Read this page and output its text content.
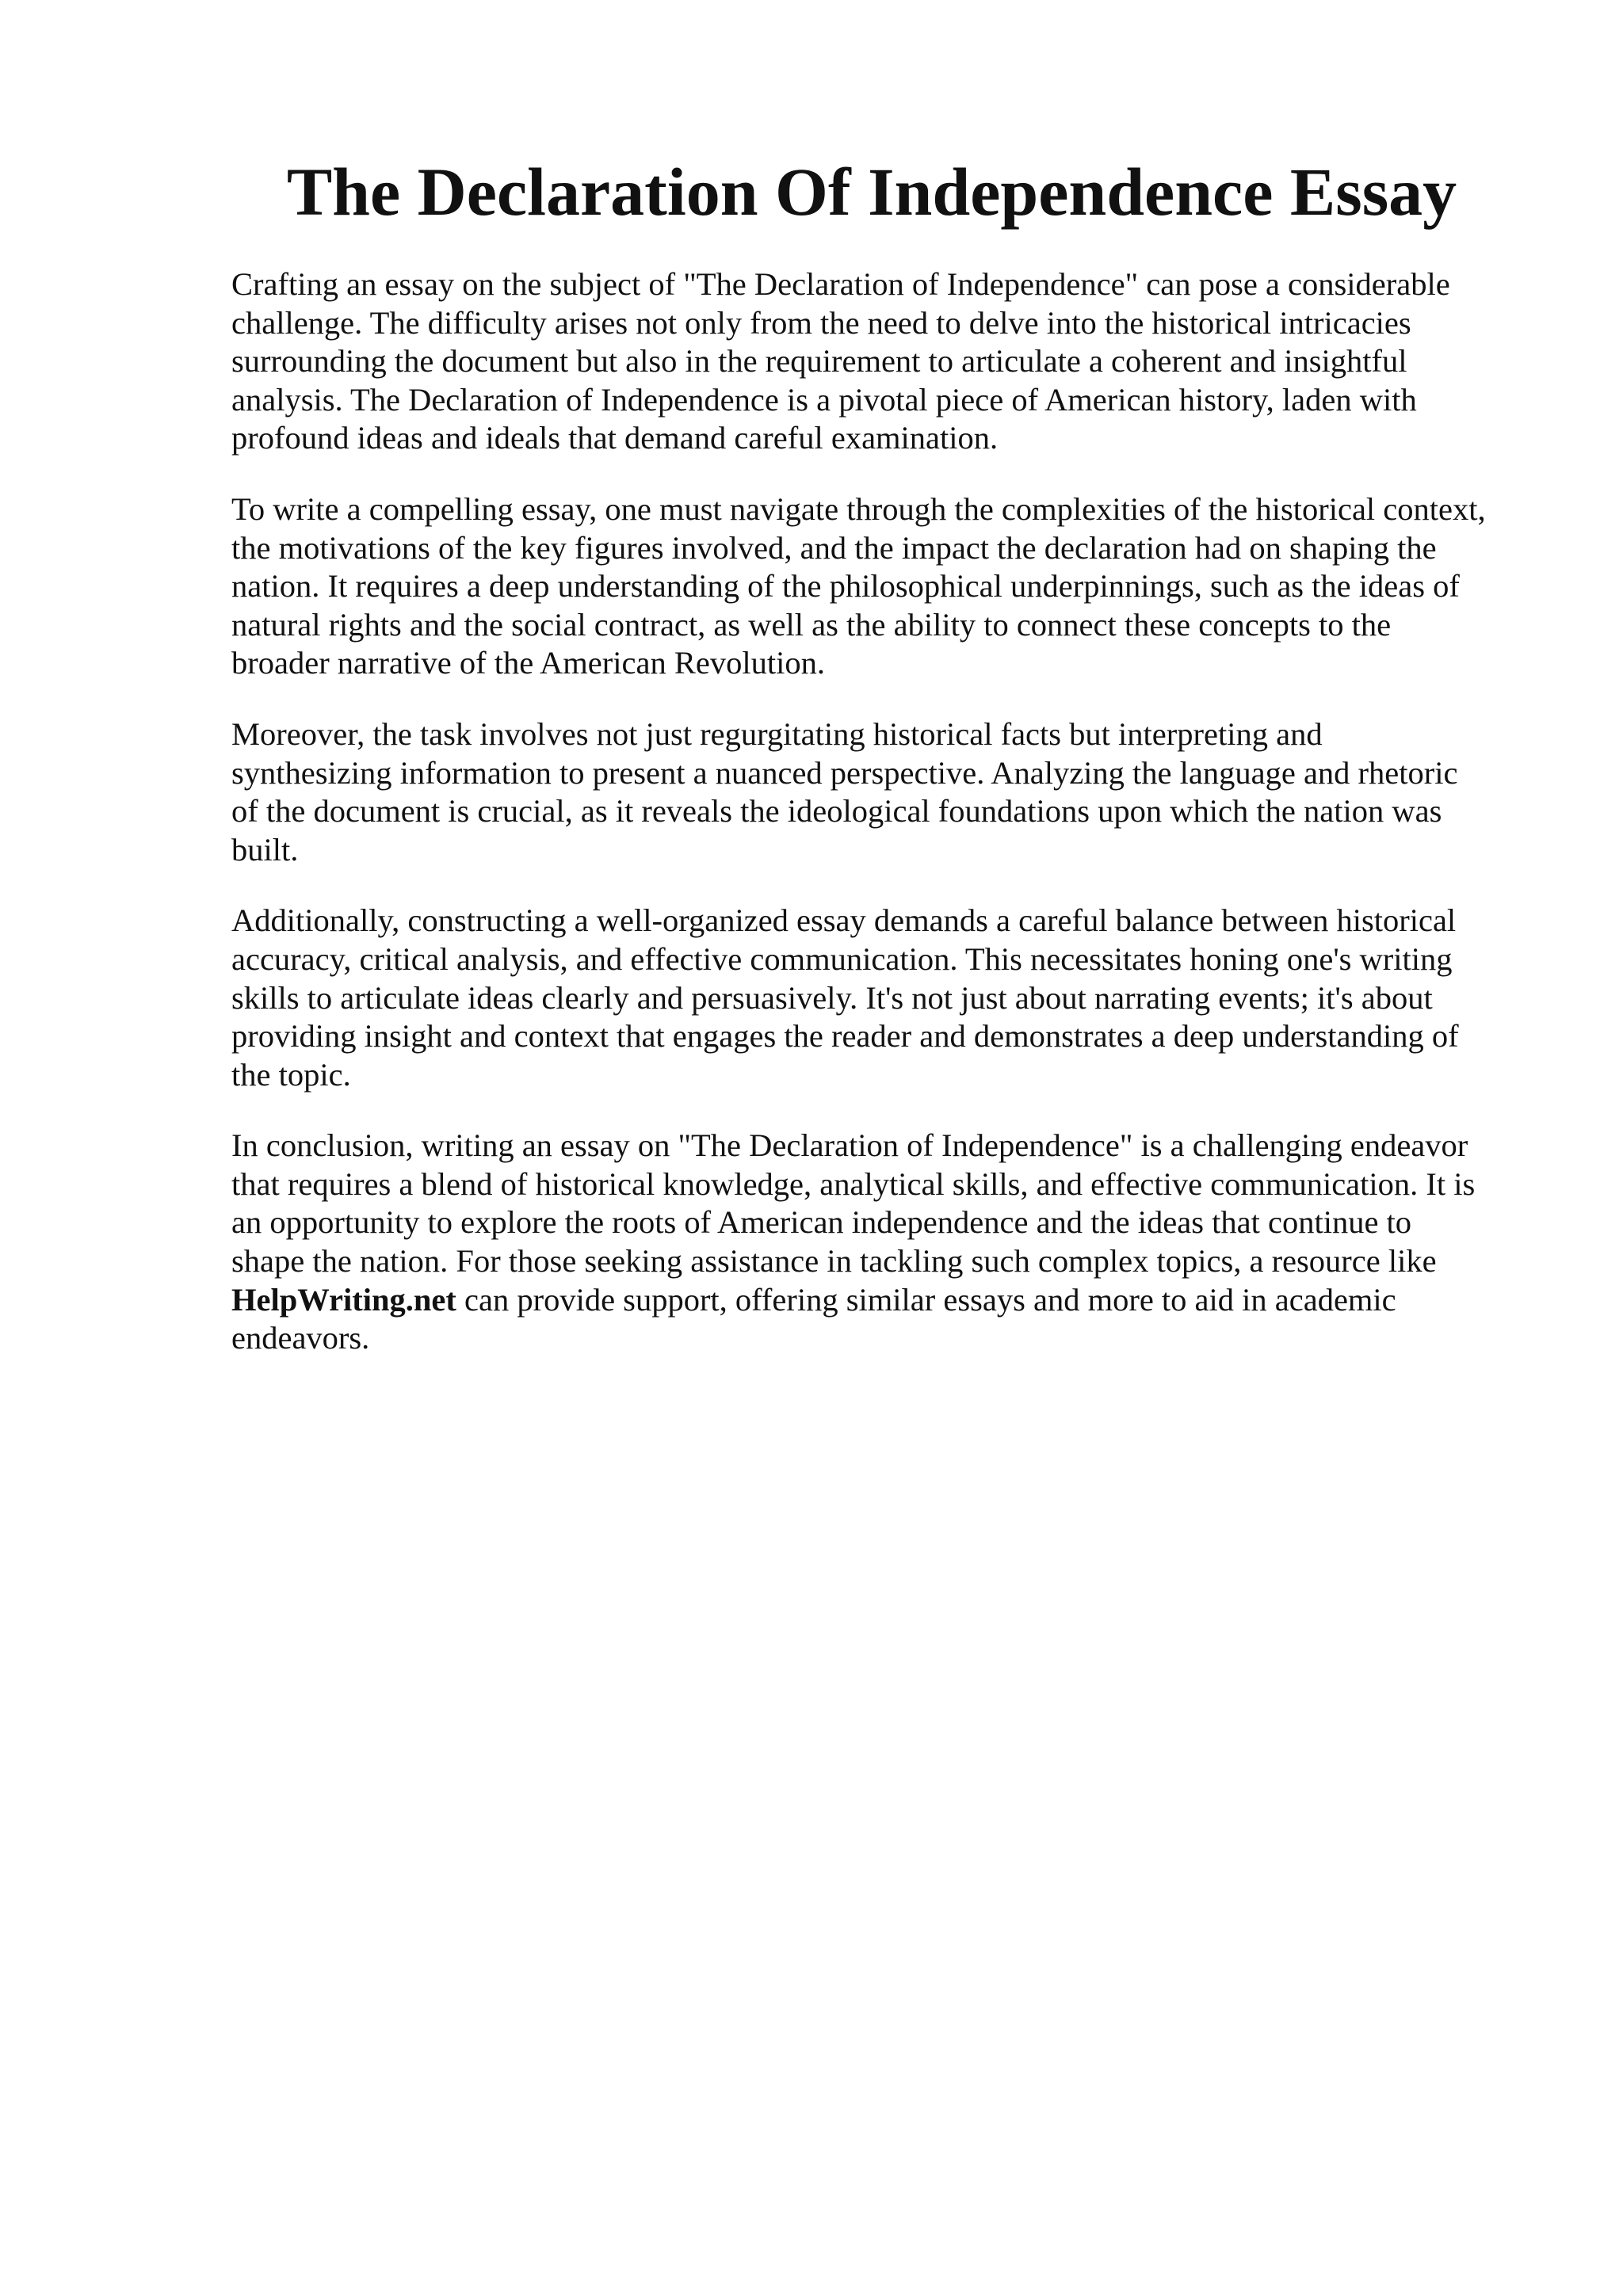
The Declaration Of Independence Essay

Crafting an essay on the subject of "The Declaration of Independence" can pose a considerable
challenge. The difficulty arises not only from the need to delve into the historical intricacies
surrounding the document but also in the requirement to articulate a coherent and insightful
analysis. The Declaration of Independence is a pivotal piece of American history, laden with
profound ideas and ideals that demand careful examination.

To write a compelling essay, one must navigate through the complexities of the historical context,
the motivations of the key figures involved, and the impact the declaration had on shaping the
nation. It requires a deep understanding of the philosophical underpinnings, such as the ideas of
natural rights and the social contract, as well as the ability to connect these concepts to the
broader narrative of the American Revolution.

Moreover, the task involves not just regurgitating historical facts but interpreting and
synthesizing information to present a nuanced perspective. Analyzing the language and rhetoric
of the document is crucial, as it reveals the ideological foundations upon which the nation was
built.

Additionally, constructing a well-organized essay demands a careful balance between historical
accuracy, critical analysis, and effective communication. This necessitates honing one's writing
skills to articulate ideas clearly and persuasively. It's not just about narrating events; it's about
providing insight and context that engages the reader and demonstrates a deep understanding of
the topic.

In conclusion, writing an essay on "The Declaration of Independence" is a challenging endeavor
that requires a blend of historical knowledge, analytical skills, and effective communication. It is
an opportunity to explore the roots of American independence and the ideas that continue to
shape the nation. For those seeking assistance in tackling such complex topics, a resource like
HelpWriting.net can provide support, offering similar essays and more to aid in academic
endeavors.
